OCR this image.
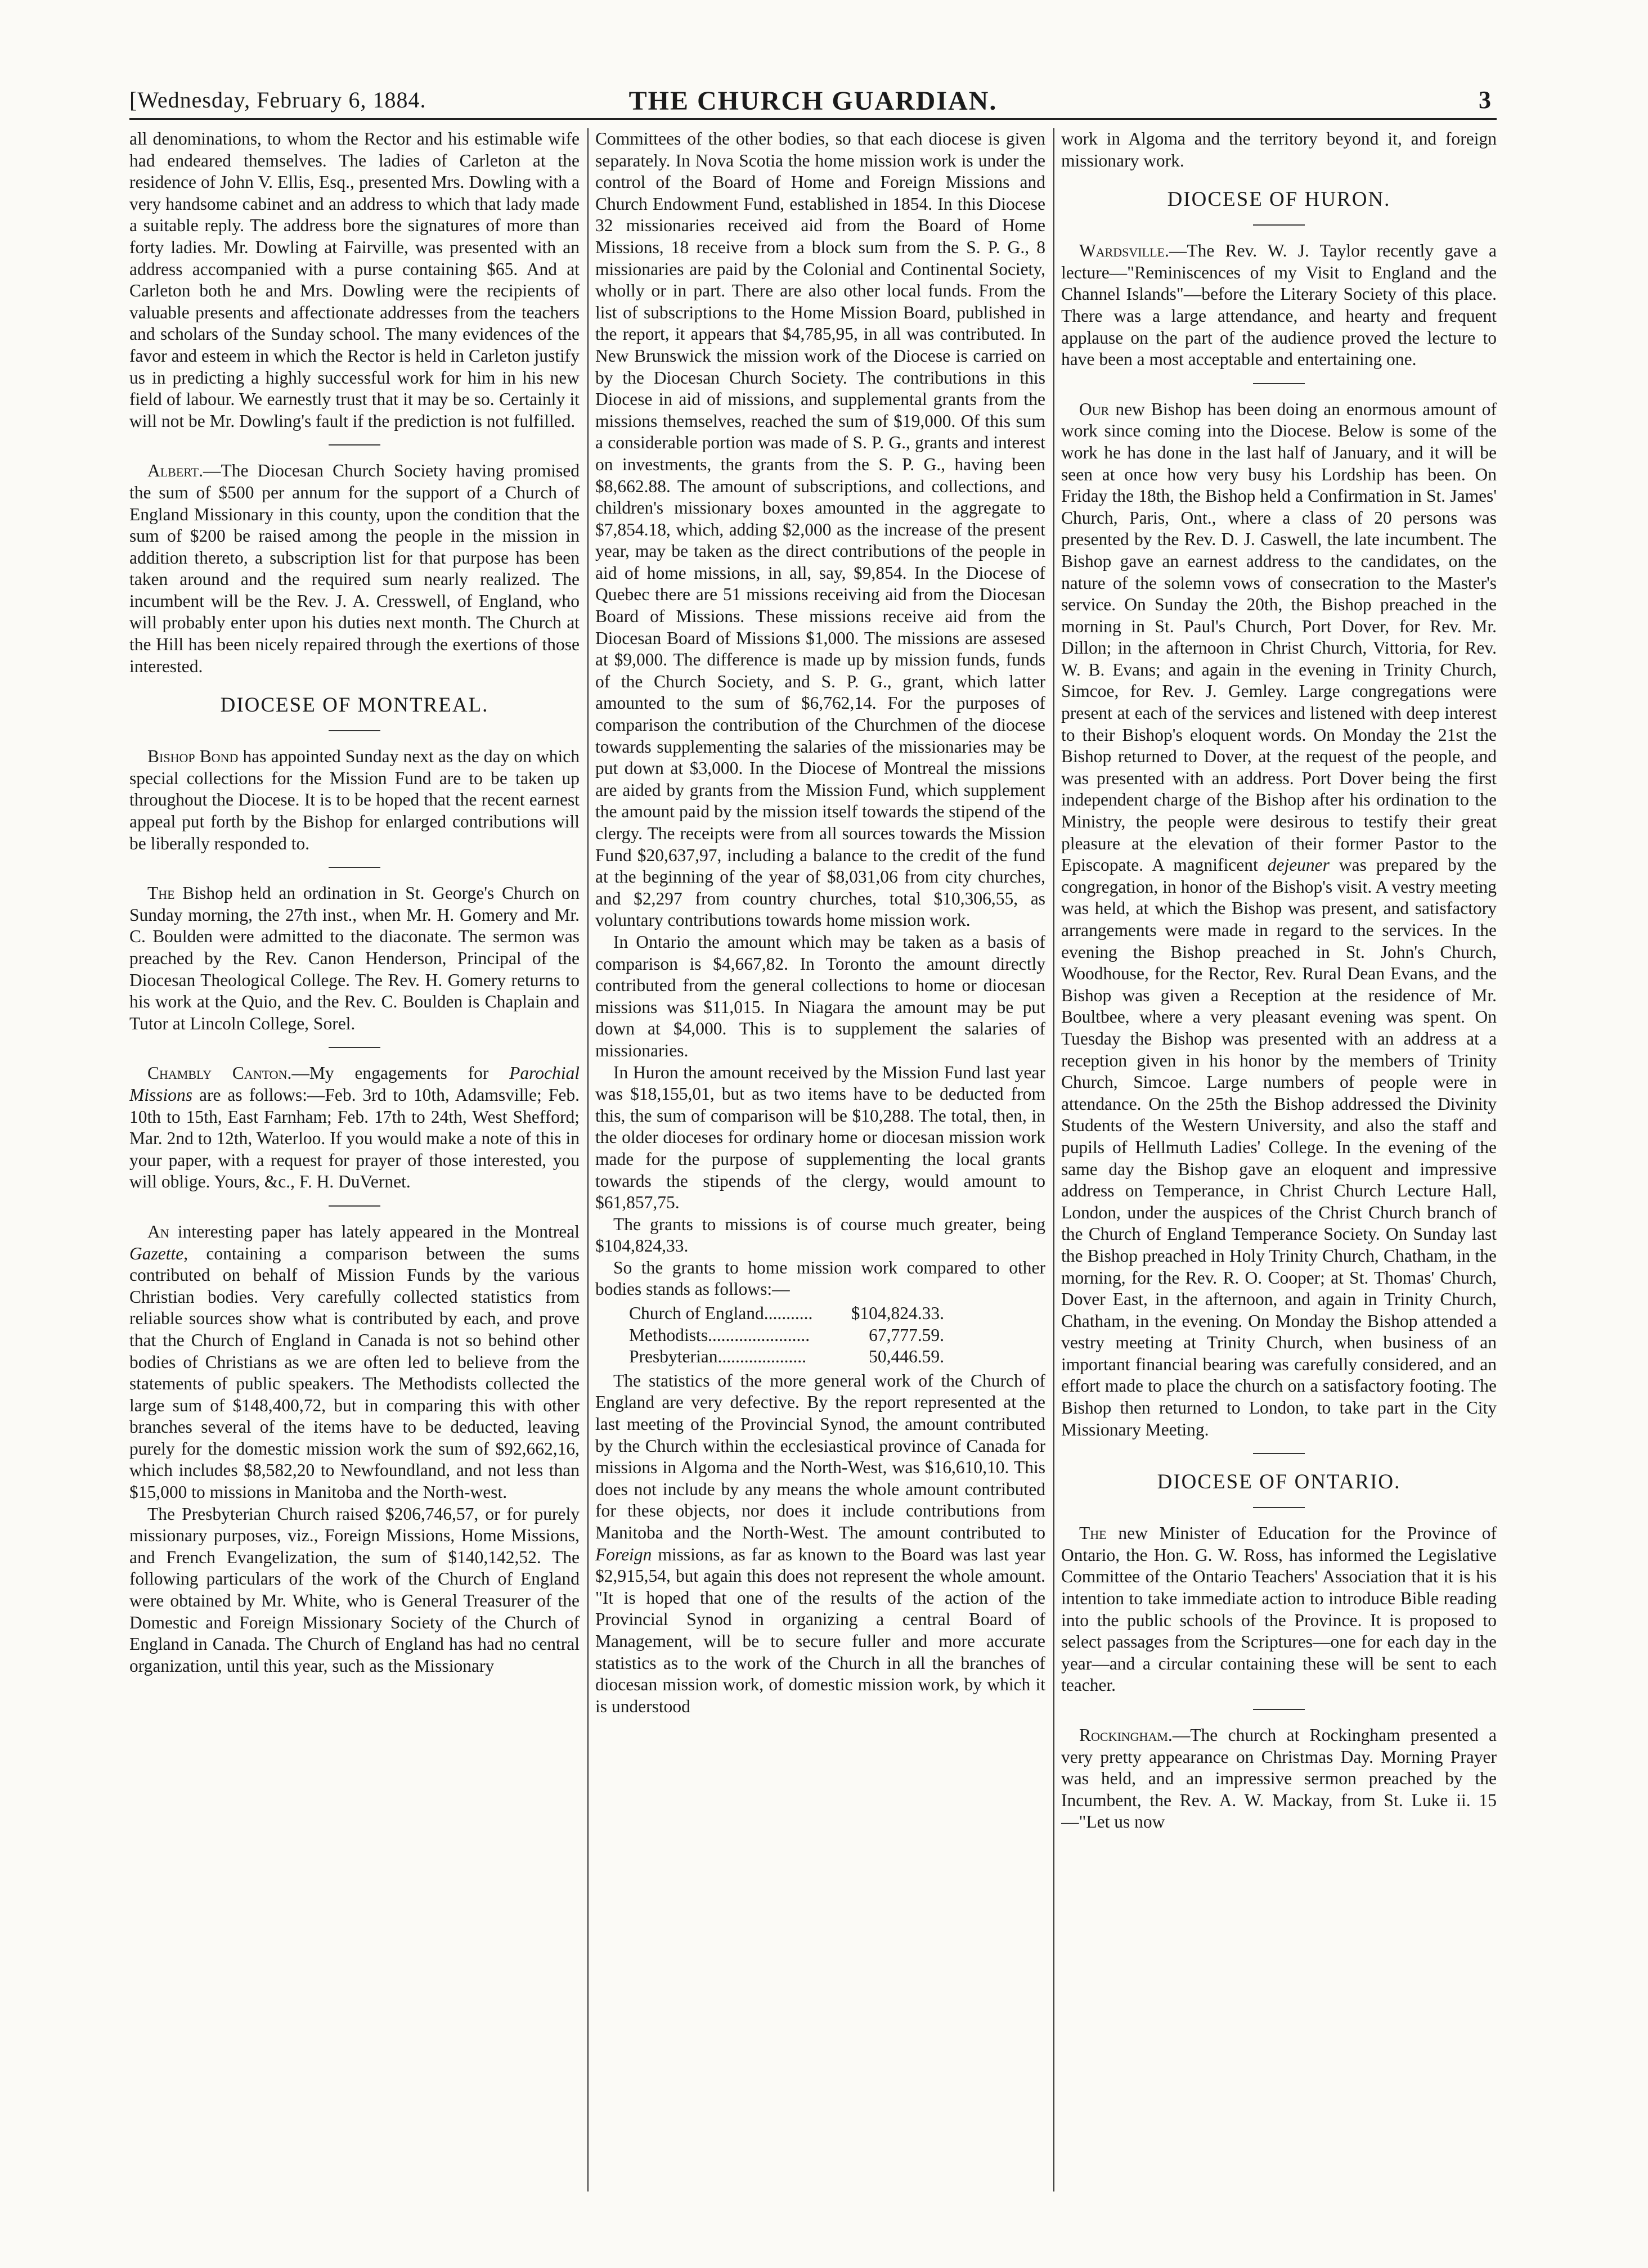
[Wednesday, February 6, 1884.	THE CHURCH GUARDIAN.	3

all denominations, to whom the Rector and his estimable wife had endeared themselves. The ladies of Carleton at the residence of John V. Ellis, Esq., presented Mrs. Dowling with a very handsome cabinet and an address to which that lady made a suitable reply. The address bore the signatures of more than forty ladies. Mr. Dowling at Fairville, was presented with an address accompanied with a purse containing $65. And at Carleton both he and Mrs. Dowling were the recipients of valuable presents and affectionate addresses from the teachers and scholars of the Sunday school. The many evidences of the favor and esteem in which the Rector is held in Carleton justify us in predicting a highly successful work for him in his new field of labour. We earnestly trust that it may be so. Certainly it will not be Mr. Dowling's fault if the prediction is not fulfilled.

Albert.—The Diocesan Church Society having promised the sum of $500 per annum for the support of a Church of England Missionary in this county, upon the condition that the sum of $200 be raised among the people in the mission in addition thereto, a subscription list for that purpose has been taken around and the required sum nearly realized. The incumbent will be the Rev. J. A. Cresswell, of England, who will probably enter upon his duties next month. The Church at the Hill has been nicely repaired through the exertions of those interested.

DIOCESE OF MONTREAL.

Bishop Bond has appointed Sunday next as the day on which special collections for the Mission Fund are to be taken up throughout the Diocese. It is to be hoped that the recent earnest appeal put forth by the Bishop for enlarged contributions will be liberally responded to.

The Bishop held an ordination in St. George's Church on Sunday morning, the 27th inst., when Mr. H. Gomery and Mr. C. Boulden were admitted to the diaconate. The sermon was preached by the Rev. Canon Henderson, Principal of the Diocesan Theological College. The Rev. H. Gomery returns to his work at the Quio, and the Rev. C. Boulden is Chaplain and Tutor at Lincoln College, Sorel.

Chambly Canton.—My engagements for Parochial Missions are as follows:—Feb. 3rd to 10th, Adamsville; Feb. 10th to 15th, East Farnham; Feb. 17th to 24th, West Shefford; Mar. 2nd to 12th, Waterloo. If you would make a note of this in your paper, with a request for prayer of those interested, you will oblige. Yours, &c., F. H. DuVernet.

An interesting paper has lately appeared in the Montreal Gazette, containing a comparison between the sums contributed on behalf of Mission Funds by the various Christian bodies. Very carefully collected statistics from reliable sources show what is contributed by each, and prove that the Church of England in Canada is not so behind other bodies of Christians as we are often led to believe from the statements of public speakers. The Methodists collected the large sum of $148,400,72, but in comparing this with other branches several of the items have to be deducted, leaving purely for the domestic mission work the sum of $92,662,16, which includes $8,582,20 to Newfoundland, and not less than $15,000 to missions in Manitoba and the North-west.

The Presbyterian Church raised $206,746,57, or for purely missionary purposes, viz., Foreign Missions, Home Missions, and French Evangelization, the sum of $140,142,52. The following particulars of the work of the Church of England were obtained by Mr. White, who is General Treasurer of the Domestic and Foreign Missionary Society of the Church of England in Canada. The Church of England has had no central organization, until this year, such as the Missionary

Committees of the other bodies, so that each diocese is given separately. In Nova Scotia the home mission work is under the control of the Board of Home and Foreign Missions and Church Endowment Fund, established in 1854. In this Diocese 32 missionaries received aid from the Board of Home Missions, 18 receive from a block sum from the S. P. G., 8 missionaries are paid by the Colonial and Continental Society, wholly or in part. There are also other local funds. From the list of subscriptions to the Home Mission Board, published in the report, it appears that $4,785,95, in all was contributed. In New Brunswick the mission work of the Diocese is carried on by the Diocesan Church Society. The contributions in this Diocese in aid of missions, and supplemental grants from the missions themselves, reached the sum of $19,000. Of this sum a considerable portion was made of S. P. G., grants and interest on investments, the grants from the S. P. G., having been $8,662.88. The amount of subscriptions, and collections, and children's missionary boxes amounted in the aggregate to $7,854.18, which, adding $2,000 as the increase of the present year, may be taken as the direct contributions of the people in aid of home missions, in all, say, $9,854. In the Diocese of Quebec there are 51 missions receiving aid from the Diocesan Board of Missions. These missions receive aid from the Diocesan Board of Missions $1,000. The missions are assesed at $9,000. The difference is made up by mission funds, funds of the Church Society, and S. P. G., grant, which latter amounted to the sum of $6,762,14. For the purposes of comparison the contribution of the Churchmen of the diocese towards supplementing the salaries of the missionaries may be put down at $3,000. In the Diocese of Montreal the missions are aided by grants from the Mission Fund, which supplement the amount paid by the mission itself towards the stipend of the clergy. The receipts were from all sources towards the Mission Fund $20,637,97, including a balance to the credit of the fund at the beginning of the year of $8,031,06 from city churches, and $2,297 from country churches, total $10,306,55, as voluntary contributions towards home mission work.

In Ontario the amount which may be taken as a basis of comparison is $4,667,82. In Toronto the amount directly contributed from the general collections to home or diocesan missions was $11,015. In Niagara the amount may be put down at $4,000. This is to supplement the salaries of missionaries.

In Huron the amount received by the Mission Fund last year was $18,155,01, but as two items have to be deducted from this, the sum of comparison will be $10,288. The total, then, in the older dioceses for ordinary home or diocesan mission work made for the purpose of supplementing the local grants towards the stipends of the clergy, would amount to $61,857,75.

The grants to missions is of course much greater, being $104,824,33.

So the grants to home mission work compared to other bodies stands as follows:—

Church of England........... $104,824.33.
Methodists.......................	67,777.59.
Presbyterian....................	50,446.59.

The statistics of the more general work of the Church of England are very defective. By the report represented at the last meeting of the Provincial Synod, the amount contributed by the Church within the ecclesiastical province of Canada for missions in Algoma and the North-West, was $16,610,10. This does not include by any means the whole amount contributed for these objects, nor does it include contributions from Manitoba and the North-West. The amount contributed to Foreign missions, as far as known to the Board was last year $2,915,54, but again this does not represent the whole amount. "It is hoped that one of the results of the action of the Provincial Synod in organizing a central Board of Management, will be to secure fuller and more accurate statistics as to the work of the Church in all the branches of diocesan mission work, of domestic mission work, by which it is understood

work in Algoma and the territory beyond it, and foreign missionary work.

DIOCESE OF HURON.

Wardsville.—The Rev. W. J. Taylor recently gave a lecture—"Reminiscences of my Visit to England and the Channel Islands"—before the Literary Society of this place. There was a large attendance, and hearty and frequent applause on the part of the audience proved the lecture to have been a most acceptable and entertaining one.

Our new Bishop has been doing an enormous amount of work since coming into the Diocese. Below is some of the work he has done in the last half of January, and it will be seen at once how very busy his Lordship has been. On Friday the 18th, the Bishop held a Confirmation in St. James' Church, Paris, Ont., where a class of 20 persons was presented by the Rev. D. J. Caswell, the late incumbent. The Bishop gave an earnest address to the candidates, on the nature of the solemn vows of consecration to the Master's service. On Sunday the 20th, the Bishop preached in the morning in St. Paul's Church, Port Dover, for Rev. Mr. Dillon; in the afternoon in Christ Church, Vittoria, for Rev. W. B. Evans; and again in the evening in Trinity Church, Simcoe, for Rev. J. Gemley. Large congregations were present at each of the services and listened with deep interest to their Bishop's eloquent words. On Monday the 21st the Bishop returned to Dover, at the request of the people, and was presented with an address. Port Dover being the first independent charge of the Bishop after his ordination to the Ministry, the people were desirous to testify their great pleasure at the elevation of their former Pastor to the Episcopate. A magnificent dejeuner was prepared by the congregation, in honor of the Bishop's visit. A vestry meeting was held, at which the Bishop was present, and satisfactory arrangements were made in regard to the services. In the evening the Bishop preached in St. John's Church, Woodhouse, for the Rector, Rev. Rural Dean Evans, and the Bishop was given a Reception at the residence of Mr. Boultbee, where a very pleasant evening was spent. On Tuesday the Bishop was presented with an address at a reception given in his honor by the members of Trinity Church, Simcoe. Large numbers of people were in attendance. On the 25th the Bishop addressed the Divinity Students of the Western University, and also the staff and pupils of Hellmuth Ladies' College. In the evening of the same day the Bishop gave an eloquent and impressive address on Temperance, in Christ Church Lecture Hall, London, under the auspices of the Christ Church branch of the Church of England Temperance Society. On Sunday last the Bishop preached in Holy Trinity Church, Chatham, in the morning, for the Rev. R. O. Cooper; at St. Thomas' Church, Dover East, in the afternoon, and again in Trinity Church, Chatham, in the evening. On Monday the Bishop attended a vestry meeting at Trinity Church, when business of an important financial bearing was carefully considered, and an effort made to place the church on a satisfactory footing. The Bishop then returned to London, to take part in the City Missionary Meeting.

DIOCESE OF ONTARIO.

The new Minister of Education for the Province of Ontario, the Hon. G. W. Ross, has informed the Legislative Committee of the Ontario Teachers' Association that it is his intention to take immediate action to introduce Bible reading into the public schools of the Province. It is proposed to select passages from the Scriptures—one for each day in the year—and a circular containing these will be sent to each teacher.

Rockingham.—The church at Rockingham presented a very pretty appearance on Christmas Day. Morning Prayer was held, and an impressive sermon preached by the Incumbent, the Rev. A. W. Mackay, from St. Luke ii. 15—"Let us now
